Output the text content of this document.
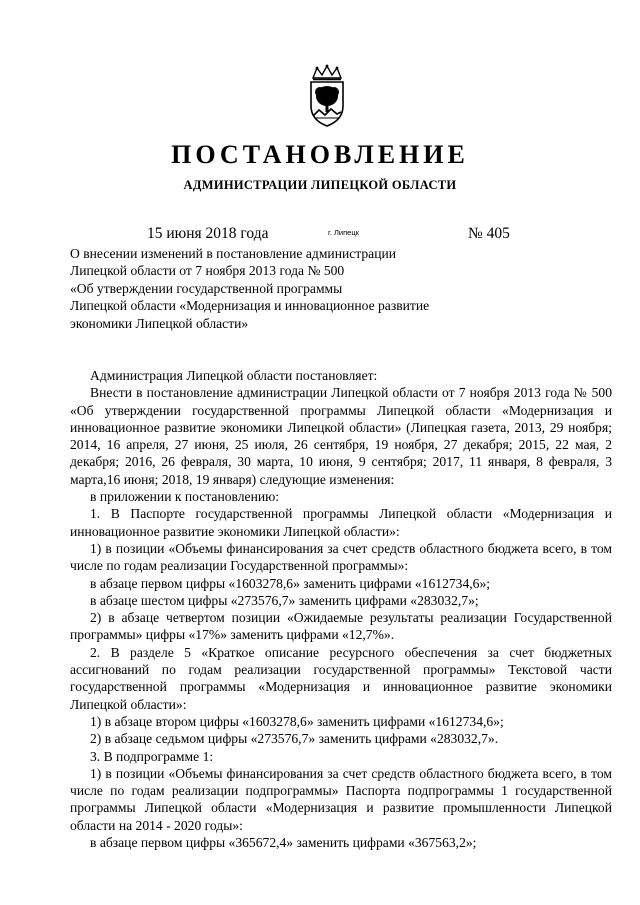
ПОСТАНОВЛЕНИЕ
АДМИНИСТРАЦИИ ЛИПЕЦКОЙ ОБЛАСТИ
15 июня 2018 года	г. Липецк	№ 405
О внесении изменений в постановление администрации
Липецкой области от 7 ноября 2013 года № 500
«Об утверждении государственной программы
Липецкой области «Модернизация и инновационное развитие
экономики Липецкой области»

Администрация Липецкой области постановляет:

Внести в постановление администрации Липецкой области от 7 ноября 2013 года № 500 «Об утверждении государственной программы Липецкой области «Модернизация и инновационное развитие экономики Липецкой области» (Липецкая газета, 2013, 29 ноября; 2014, 16 апреля, 27 июня, 25 июля, 26 сентября, 19 ноября, 27 декабря; 2015, 22 мая, 2 декабря; 2016, 26 февраля, 30 марта, 10 июня, 9 сентября; 2017, 11 января, 8 февраля, 3 марта,16 июня; 2018, 19 января) следующие изменения:

в приложении к постановлению:

1. В Паспорте государственной программы Липецкой области «Модернизация и инновационное развитие экономики Липецкой области»:

1) в позиции «Объемы финансирования за счет средств областного бюджета всего, в том числе по годам реализации Государственной программы»:

в абзаце первом цифры «1603278,6» заменить цифрами «1612734,6»;

в абзаце шестом цифры «273576,7» заменить цифрами «283032,7»;

2) в абзаце четвертом позиции «Ожидаемые результаты реализации Государственной программы» цифры «17%» заменить цифрами «12,7%».

2. В разделе 5 «Краткое описание ресурсного обеспечения за счет бюджетных ассигнований по годам реализации государственной программы» Текстовой части государственной программы «Модернизация и инновационное развитие экономики Липецкой области»:

1) в абзаце втором цифры «1603278,6» заменить цифрами «1612734,6»;

2) в абзаце седьмом цифры «273576,7» заменить цифрами «283032,7».

3. В подпрограмме 1:

1) в позиции «Объемы финансирования за счет средств областного бюджета всего, в том числе по годам реализации подпрограммы» Паспорта подпрограммы 1 государственной программы Липецкой области «Модернизация и развитие промышленности Липецкой области на 2014 - 2020 годы»:

в абзаце первом цифры «365672,4» заменить цифрами «367563,2»;
